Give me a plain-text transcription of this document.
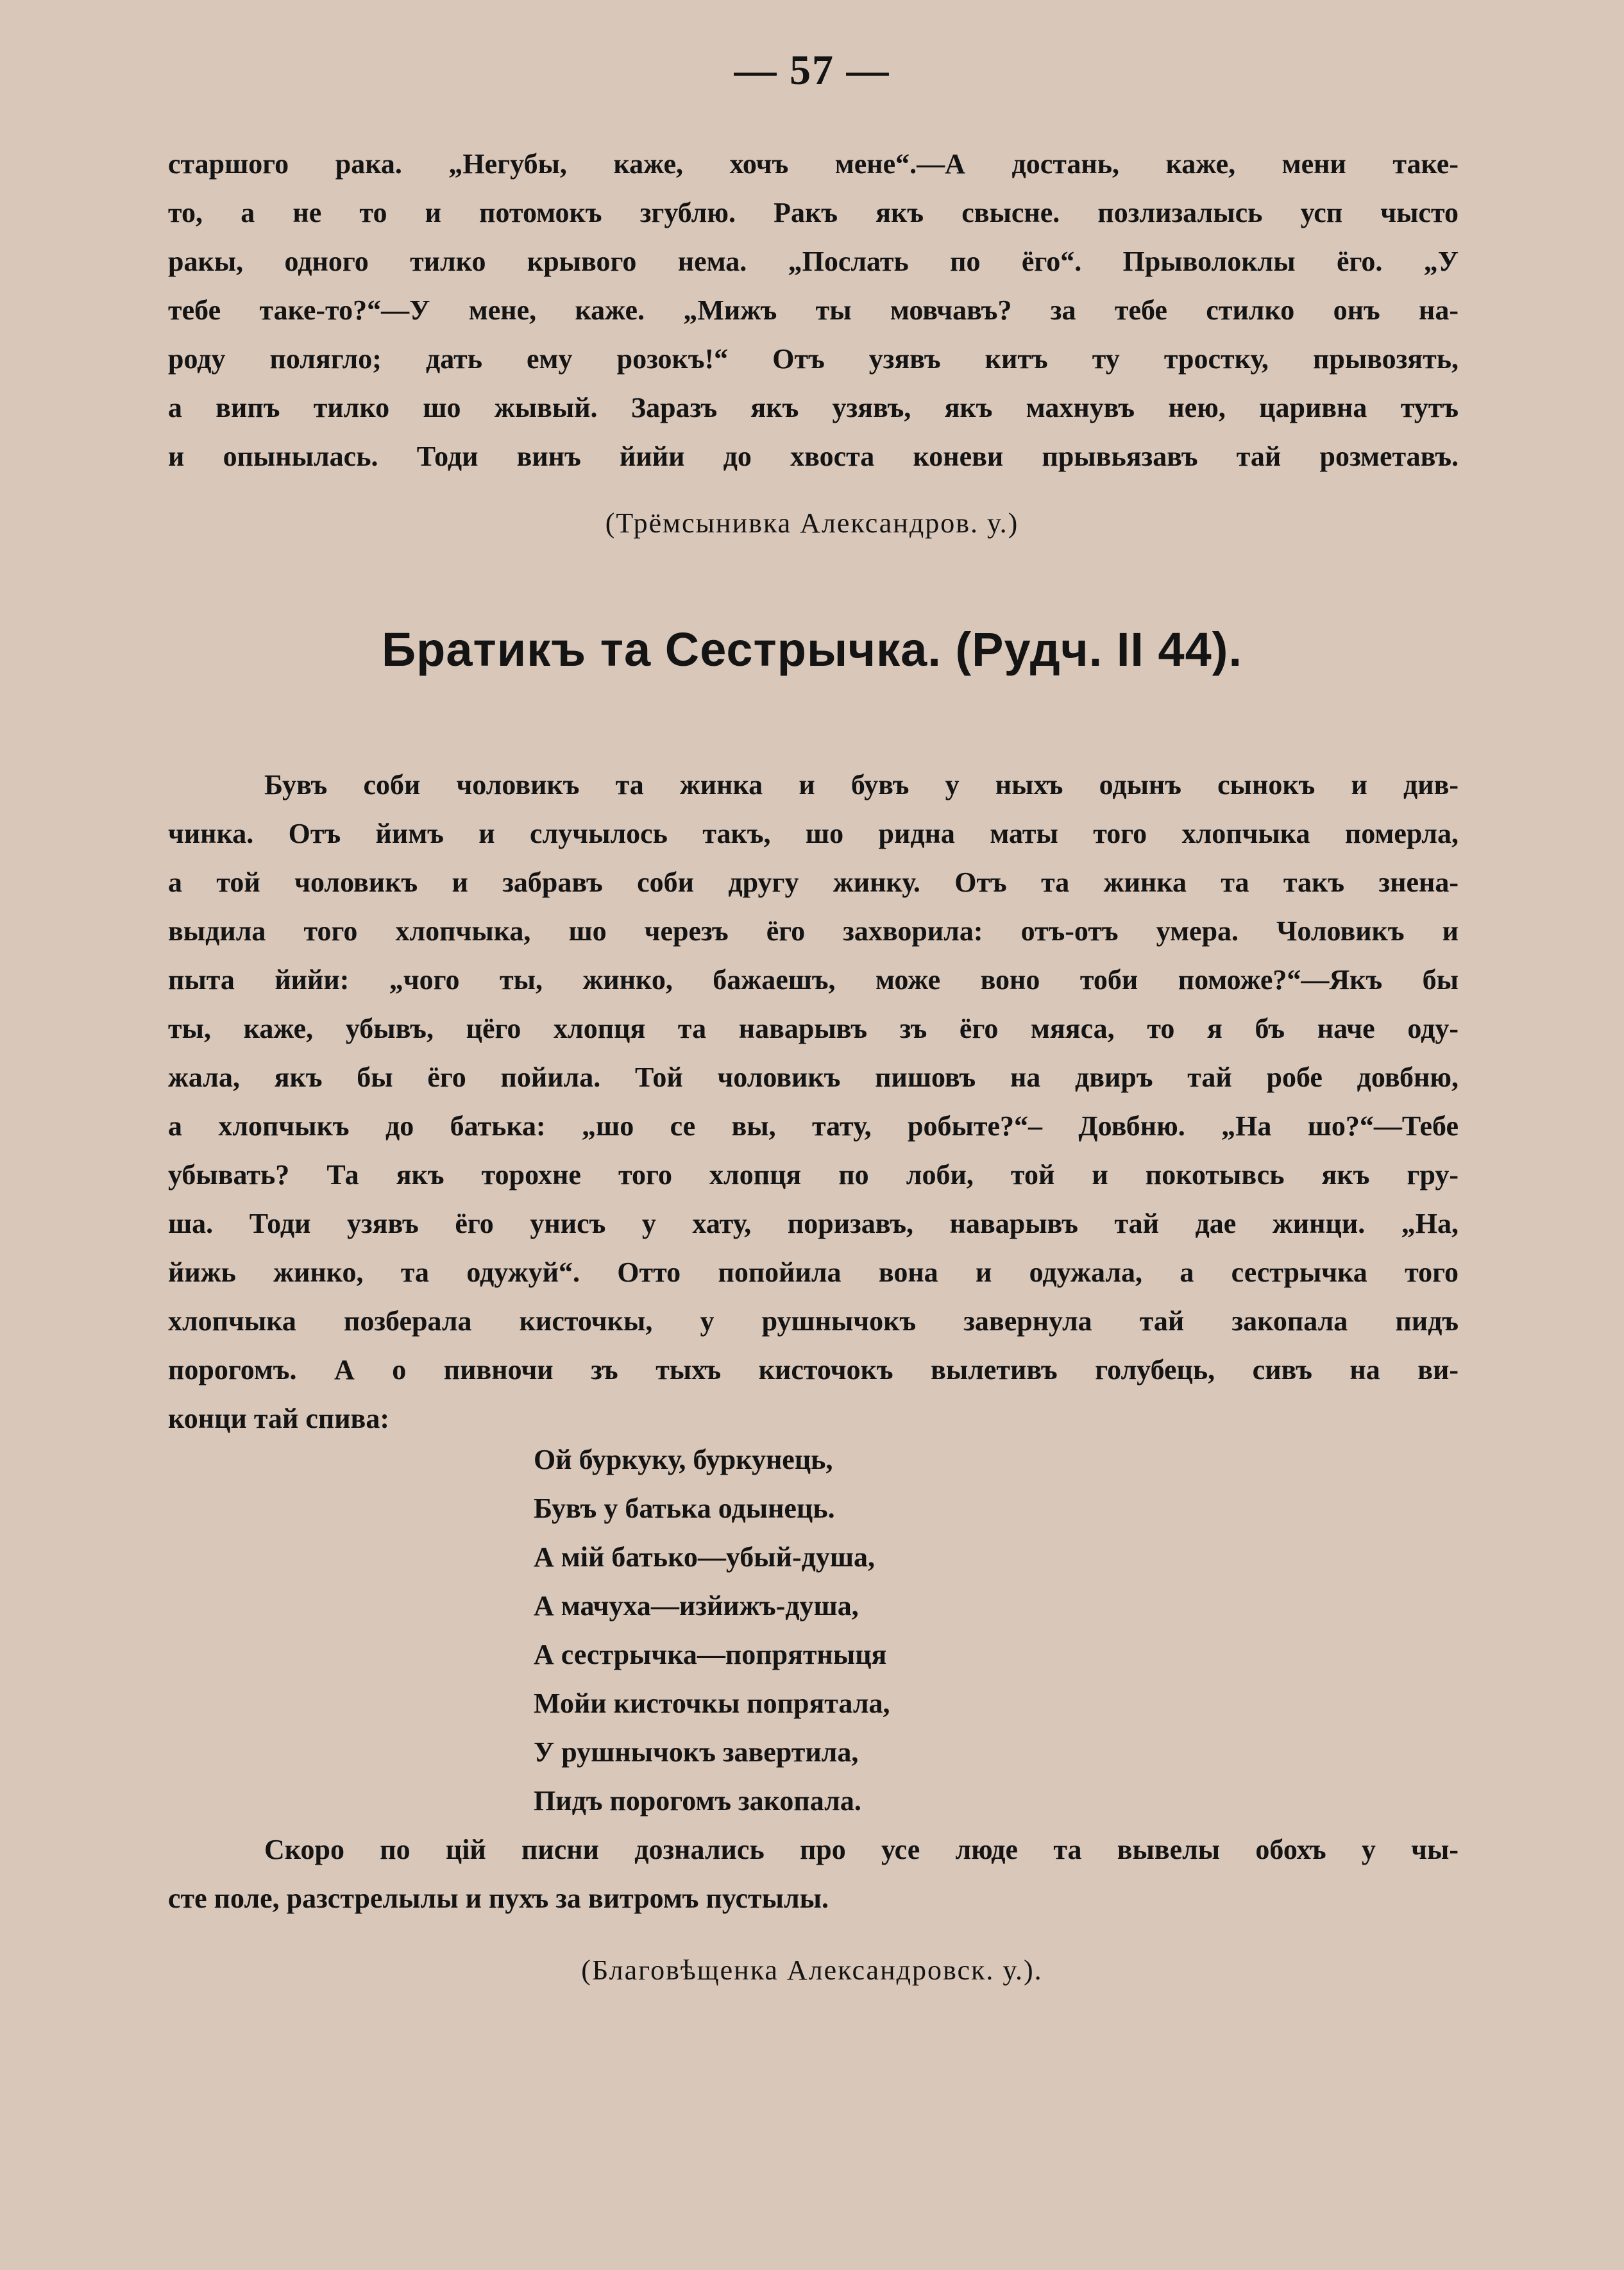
— 57 —
старшого рака. „Негубы, каже, хочъ мене“.—А достань, каже, мени таке-
то, а не то и потомокъ згублю. Ракъ якъ свысне. позлизалысь усп чысто
ракы, одного тилко крывого нема. „Послать по ёго“. Прыволоклы ёго. „У
тебе таке-то?“—У мене, каже. „Мижъ ты мовчавъ? за тебе стилко онъ на-
роду полягло; дать ему розокъ!“ Отъ узявъ китъ ту тростку, прывозять,
а випъ тилко шо жывый. Заразъ якъ узявъ, якъ махнувъ нею, царивна тутъ
и опынылась. Тоди винъ йийи до хвоста коневи прывьязавъ тай розметавъ.
(Трёмсынивка Александров. у.)
Братикъ та Сестрычка. (Рудч. II 44).
Бувъ соби чоловикъ та жинка и бувъ у ныхъ одынъ сынокъ и див-
чинка. Отъ йимъ и случылось такъ, шо ридна маты того хлопчыка померла,
а той чоловикъ и забравъ соби другу жинку. Отъ та жинка та такъ зненa-
выдила того хлопчыка, шо черезъ ёго захворила: отъ-отъ умера. Чоловикъ и
пыта йийи: „чого ты, жинко, бажаешъ, може воно тоби поможе?“—Якъ бы
ты, каже, убывъ, цёго хлопця та наварывъ зъ ёго мяяса, то я бъ наче оду-
жала, якъ бы ёго пойила. Той чоловикъ пишовъ на двиръ тай робе довбню,
а хлопчыкъ до батька: „шо се вы, тату, робыте?“– Довбню. „На шо?“—Тебе
убывать? Та якъ торохне того хлопця по лоби, той и покотывсь якъ гру-
ша. Тоди узявъ ёго унисъ у хату, поризавъ, наварывъ тай дае жинци. „На,
йижь жинко, та одужуй“. Отто попойила вона и одужала, а сестрычка того
хлопчыка позберала кисточкы, у рушнычокъ завернула тай закопала пидъ
порогомъ. А о пивночи зъ тыхъ кисточокъ вылетивъ голубець, сивъ на ви-
конци тай спива:
Ой буркуку, буркунець,
Бувъ у батька одынець.
А мій батько—убый-душа,
А мачуха—изйижъ-душа,
А сестрычка—попрятныця
Мойи кисточкы попрятала,
У рушнычокъ завертила,
Пидъ порогомъ закопала.
Скоро по цій писни дознались про усе люде та вывелы обохъ у чы-
сте поле, разстрелылы и пухъ за витромъ пустылы.
(Благовѣщенка Александровск. у.).
